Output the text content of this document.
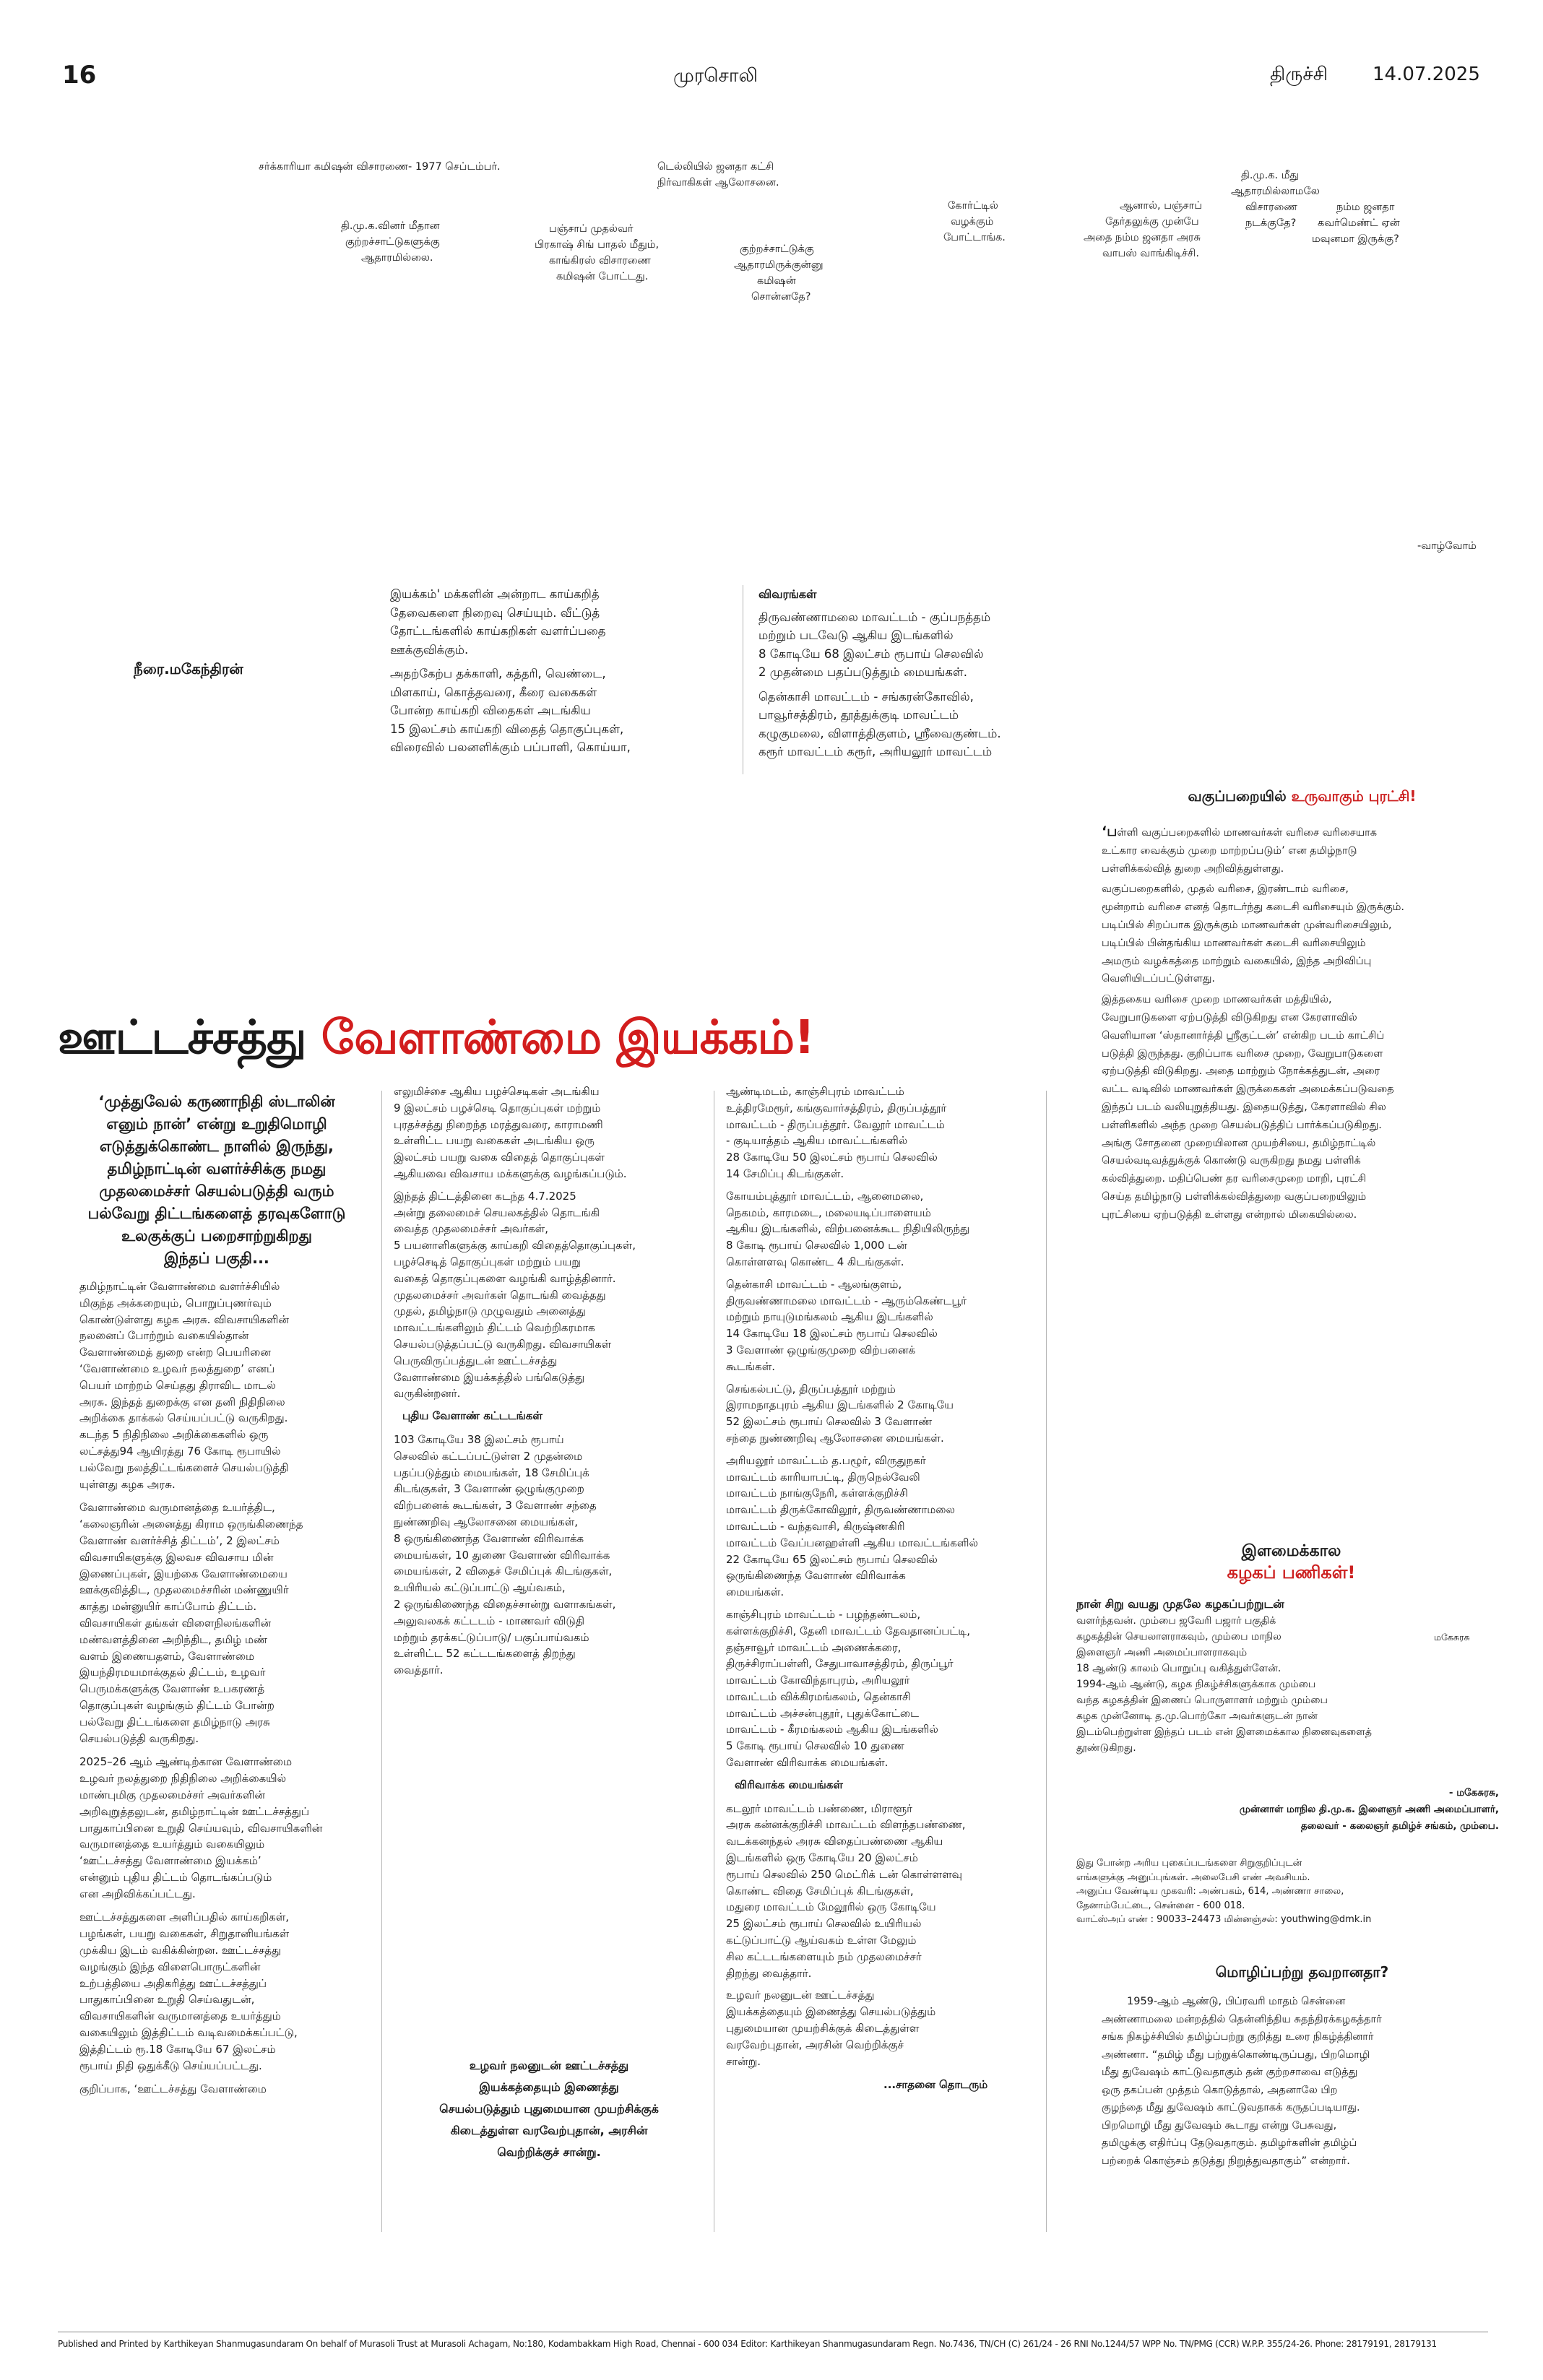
16	முரசொலி	திருச்சி 14.07.2025
சர்க்காரியா கமிஷன் விசாரணை- 1977 செப்டம்பர்.	டெல்லியில் ஜனதா கட்சி
நிர்வாகிகள் ஆலோசனை.
தி.மு.க. மீது
ஆதாரமில்லாமலே
விசாரணை
நடக்குதே?
நம்ம ஜனதா
கவர்மெண்ட் ஏன்
மவுனமா இருக்கு?
ஆனால், பஞ்சாப்
தேர்தலுக்கு முன்பே
அதை நம்ம ஜனதா அரசு
வாபஸ் வாங்கிடிச்சி.
கோர்ட்டில்
வழக்கும்
போட்டாங்க.
தி.மு.க.வினர் மீதான
குற்றச்சாட்டுகளுக்கு
ஆதாரமில்லை.
பஞ்சாப் முதல்வர்
பிரகாஷ் சிங் பாதல் மீதும்,
காங்கிரஸ் விசாரணை
கமிஷன் போட்டது.
குற்றச்சாட்டுக்கு
ஆதாரமிருக்குன்னு
கமிஷன்
சொன்னதே?
-வாழ்வோம்
நீரை.மகேந்திரன்
இயக்கம்' மக்களின் அன்றாட காய்கறித்
தேவைகளை நிறைவு செய்யும். வீட்டுத்
தோட்டங்களில் காய்கறிகள் வளர்ப்பதை
ஊக்குவிக்கும்.
அதற்கேற்ப தக்காளி, கத்தரி, வெண்டை,
மிளகாய், கொத்தவரை, கீரை வகைகள்
போன்ற காய்கறி விதைகள் அடங்கிய
15 இலட்சம் காய்கறி விதைத் தொகுப்புகள்,
விரைவில் பலனளிக்கும் பப்பாளி, கொய்யா,
விவரங்கள்
திருவண்ணாமலை மாவட்டம் - குப்பநத்தம்
மற்றும் படவேடு ஆகிய இடங்களில்
8 கோடியே 68 இலட்சம் ரூபாய் செலவில்
2 முதன்மை பதப்படுத்தும் மையங்கள்.
தென்காசி மாவட்டம் - சங்கரன்கோவில்,
பாவூர்சத்திரம், தூத்துக்குடி மாவட்டம்
கழுகுமலை, விளாத்திகுளம், ஸ்ரீவைகுண்டம்.
கரூர் மாவட்டம் கரூர், அரியலூர் மாவட்டம்
வகுப்பறையில் உருவாகும் புரட்சி!
‘பள்ளி வகுப்பறைகளில் மாணவர்கள் வரிசை வரிசையாக
உட்கார வைக்கும் முறை மாற்றப்படும்’ என தமிழ்நாடு
பள்ளிக்கல்வித் துறை அறிவித்துள்ளது.
வகுப்பறைகளில், முதல் வரிசை, இரண்டாம் வரிசை,
மூன்றாம் வரிசை எனத் தொடர்ந்து கடைசி வரிசையும் இருக்கும்.
படிப்பில் சிறப்பாக இருக்கும் மாணவர்கள் முன்வரிசையிலும்,
படிப்பில் பின்தங்கிய மாணவர்கள் கடைசி வரிசையிலும்
அமரும் வழக்கத்தை மாற்றும் வகையில், இந்த அறிவிப்பு
வெளியிடப்பட்டுள்ளது.
இத்தகைய வரிசை முறை மாணவர்கள் மத்தியில்,
வேறுபாடுகளை ஏற்படுத்தி விடுகிறது என கேரளாவில்
வெளியான ‘ஸ்தானார்த்தி ஸ்ரீகுட்டன்’ என்கிற படம் காட்சிப்
படுத்தி இருந்தது. குறிப்பாக வரிசை முறை, வேறுபாடுகளை
ஏற்படுத்தி விடுகிறது. அதை மாற்றும் நோக்கத்துடன், அரை
வட்ட வடிவில் மாணவர்கள் இருக்கைகள் அமைக்கப்படுவதை
இந்தப் படம் வலியுறுத்தியது. இதையடுத்து, கேரளாவில் சில
பள்ளிகளில் அந்த முறை செயல்படுத்திப் பார்க்கப்படுகிறது.
அங்கு சோதனை முறையிலான முயற்சியை, தமிழ்நாட்டில்
செயல்வடிவத்துக்குக் கொண்டு வருகிறது நமது பள்ளிக்
கல்வித்துறை. மதிப்பெண் தர வரிசைமுறை மாறி, புரட்சி
செய்த தமிழ்நாடு பள்ளிக்கல்வித்துறை வகுப்பறையிலும்
புரட்சியை ஏற்படுத்தி உள்ளது என்றால் மிகையில்லை.
ஊட்டச்சத்து வேளாண்மை இயக்கம்!
‘முத்துவேல் கருணாநிதி ஸ்டாலின்
எனும் நான்’ என்று உறுதிமொழி
எடுத்துக்கொண்ட நாளில் இருந்து,
தமிழ்நாட்டின் வளர்ச்சிக்கு நமது
முதலமைச்சர் செயல்படுத்தி வரும்
பல்வேறு திட்டங்களைத் தரவுகளோடு
உலகுக்குப் பறைசாற்றுகிறது
இந்தப் பகுதி...
தமிழ்நாட்டின் வேளாண்மை வளர்ச்சியில்
மிகுந்த அக்கறையும், பொறுப்புணர்வும்
கொண்டுள்ளது கழக அரசு. விவசாயிகளின்
நலனைப் போற்றும் வகையில்தான்
வேளாண்மைத் துறை என்ற பெயரினை
‘வேளாண்மை உழவர் நலத்துறை’ எனப்
பெயர் மாற்றம் செய்தது திராவிட மாடல்
அரசு. இந்தத் துறைக்கு என தனி நிதிநிலை
அறிக்கை தாக்கல் செய்யப்பட்டு வருகிறது.
கடந்த 5 நிதிநிலை அறிக்கைகளில் ஒரு
லட்சத்து94 ஆயிரத்து 76 கோடி ரூபாயில்
பல்வேறு நலத்திட்டங்களைச் செயல்படுத்தி
யுள்ளது கழக அரசு.
வேளாண்மை வருமானத்தை உயர்த்திட,
‘கலைஞரின் அனைத்து கிராம ஒருங்கிணைந்த
வேளாண் வளர்ச்சித் திட்டம்’, 2 இலட்சம்
விவசாயிகளுக்கு இலவச விவசாய மின்
இணைப்புகள், இயற்கை வேளாண்மையை
ஊக்குவித்திட, முதலமைச்சரின் மண்ணுயிர்
காத்து மன்னுயிர் காப்போம் திட்டம்.
விவசாயிகள் தங்கள் விளைநிலங்களின்
மண்வளத்தினை அறிந்திட, தமிழ் மண்
வளம் இணையதளம், வேளாண்மை
இயந்திரமயமாக்குதல் திட்டம், உழவர்
பெருமக்களுக்கு வேளாண் உபகரணத்
தொகுப்புகள் வழங்கும் திட்டம் போன்ற
பல்வேறு திட்டங்களை தமிழ்நாடு அரசு
செயல்படுத்தி வருகிறது.
2025–26 ஆம் ஆண்டிற்கான வேளாண்மை
உழவர் நலத்துறை நிதிநிலை அறிக்கையில்
மாண்புமிகு முதலமைச்சர் அவர்களின்
அறிவுறுத்தலுடன், தமிழ்நாட்டின் ஊட்டச்சத்துப்
பாதுகாப்பினை உறுதி செய்யவும், விவசாயிகளின்
வருமானத்தை உயர்த்தும் வகையிலும்
‘ஊட்டச்சத்து வேளாண்மை இயக்கம்’
என்னும் புதிய திட்டம் தொடங்கப்படும்
என அறிவிக்கப்பட்டது.
ஊட்டச்சத்துகளை அளிப்பதில் காய்கறிகள்,
பழங்கள், பயறு வகைகள், சிறுதானியங்கள்
முக்கிய இடம் வகிக்கின்றன. ஊட்டச்சத்து
வழங்கும் இந்த விளைபொருட்களின்
உற்பத்தியை அதிகரித்து ஊட்டச்சத்துப்
பாதுகாப்பினை உறுதி செய்வதுடன்,
விவசாயிகளின் வருமானத்தை உயர்த்தும்
வகையிலும் இத்திட்டம் வடிவமைக்கப்பட்டு,
இத்திட்டம் ரூ.18 கோடியே 67 இலட்சம்
ரூபாய் நிதி ஒதுக்கீடு செய்யப்பட்டது.
குறிப்பாக, ‘ஊட்டச்சத்து வேளாண்மை
எலுமிச்சை ஆகிய பழச்செடிகள் அடங்கிய
9 இலட்சம் பழச்செடி தொகுப்புகள் மற்றும்
புரதச்சத்து நிறைந்த மரத்துவரை, காராமணி
உள்ளிட்ட பயறு வகைகள் அடங்கிய ஒரு
இலட்சம் பயறு வகை விதைத் தொகுப்புகள்
ஆகியவை விவசாய மக்களுக்கு வழங்கப்படும்.
இந்தத் திட்டத்தினை கடந்த 4.7.2025
அன்று தலைமைச் செயலகத்தில் தொடங்கி
வைத்த முதலமைச்சர் அவர்கள்,
5 பயனாளிகளுக்கு காய்கறி விதைத்தொகுப்புகள்,
பழச்செடித் தொகுப்புகள் மற்றும் பயறு
வகைத் தொகுப்புகளை வழங்கி வாழ்த்தினார்.
முதலமைச்சர் அவர்கள் தொடங்கி வைத்தது
முதல், தமிழ்நாடு முழுவதும் அனைத்து
மாவட்டங்களிலும் திட்டம் வெற்றிகரமாக
செயல்படுத்தப்பட்டு வருகிறது. விவசாயிகள்
பெருவிருப்பத்துடன் ஊட்டச்சத்து
வேளாண்மை இயக்கத்தில் பங்கெடுத்து
வருகின்றனர்.
புதிய வேளாண் கட்டடங்கள்
103 கோடியே 38 இலட்சம் ரூபாய்
செலவில் கட்டப்பட்டுள்ள 2 முதன்மை
பதப்படுத்தும் மையங்கள், 18 சேமிப்புக்
கிடங்குகள், 3 வேளாண் ஒழுங்குமுறை
விற்பனைக் கூடங்கள், 3 வேளாண் சந்தை
நுண்ணறிவு ஆலோசனை மையங்கள்,
8 ஒருங்கிணைந்த வேளாண் விரிவாக்க
மையங்கள், 10 துணை வேளாண் விரிவாக்க
மையங்கள், 2 விதைச் சேமிப்புக் கிடங்குகள்,
உயிரியல் கட்டுப்பாட்டு ஆய்வகம்,
2 ஒருங்கிணைந்த விதைச்சான்று வளாகங்கள்,
அலுவலகக் கட்டடம் - மாணவர் விடுதி
மற்றும் தரக்கட்டுப்பாடு/ பகுப்பாய்வகம்
உள்ளிட்ட 52 கட்டடங்களைத் திறந்து
வைத்தார்.
உழவர் நலனுடன் ஊட்டச்சத்து
இயக்கத்தையும் இணைத்து
செயல்படுத்தும் புதுமையான முயற்சிக்குக்
கிடைத்துள்ள வரவேற்புதான், அரசின்
வெற்றிக்குச் சான்று.
ஆண்டிமடம், காஞ்சிபுரம் மாவட்டம்
உத்திரமேரூர், கங்குவார்சத்திரம், திருப்பத்தூர்
மாவட்டம் - திருப்பத்தூர். வேலூர் மாவட்டம்
- குடியாத்தம் ஆகிய மாவட்டங்களில்
28 கோடியே 50 இலட்சம் ரூபாய் செலவில்
14 சேமிப்பு கிடங்குகள்.
கோயம்புத்தூர் மாவட்டம், ஆனைமலை,
நெகமம், காரமடை, மலையடிப்பாளையம்
ஆகிய இடங்களில், விற்பனைக்கூட நிதியிலிருந்து
8 கோடி ரூபாய் செலவில் 1,000 டன்
கொள்ளளவு கொண்ட 4 கிடங்குகள்.
தென்காசி மாவட்டம் - ஆலங்குளம்,
திருவண்ணாமலை மாவட்டம் - ஆரும்கெண்டபூர்
மற்றும் நாயுடுமங்கலம் ஆகிய இடங்களில்
14 கோடியே 18 இலட்சம் ரூபாய் செலவில்
3 வேளாண் ஒழுங்குமுறை விற்பனைக்
கூடங்கள்.
செங்கல்பட்டு, திருப்பத்தூர் மற்றும்
இராமநாதபுரம் ஆகிய இடங்களில் 2 கோடியே
52 இலட்சம் ரூபாய் செலவில் 3 வேளாண்
சந்தை நுண்ணறிவு ஆலோசனை மையங்கள்.
அரியலூர் மாவட்டம் த.பழூர், விருதுநகர்
மாவட்டம் காரியாபட்டி, திருநெல்வேலி
மாவட்டம் நாங்குநேரி, கள்ளக்குறிச்சி
மாவட்டம் திருக்கோவிலூர், திருவண்ணாமலை
மாவட்டம் - வந்தவாசி, கிருஷ்ணகிரி
மாவட்டம் வேப்பனஹள்ளி ஆகிய மாவட்டங்களில்
22 கோடியே 65 இலட்சம் ரூபாய் செலவில்
ஒருங்கிணைந்த வேளாண் விரிவாக்க
மையங்கள்.
காஞ்சிபுரம் மாவட்டம் - பழந்தண்டலம்,
கள்ளக்குறிச்சி, தேனி மாவட்டம் தேவதானப்பட்டி,
தஞ்சாவூர் மாவட்டம் அணைக்கரை,
திருச்சிராப்பள்ளி, சேதுபாவாசத்திரம், திருப்பூர்
மாவட்டம் கோவிந்தாபுரம், அரியலூர்
மாவட்டம் விக்கிரமங்கலம், தென்காசி
மாவட்டம் அச்சன்புதூர், புதுக்கோட்டை
மாவட்டம் - கீரமங்கலம் ஆகிய இடங்களில்
5 கோடி ரூபாய் செலவில் 10 துணை
வேளாண் விரிவாக்க மையங்கள்.
விரிவாக்க மையங்கள்
கடலூர் மாவட்டம் பண்ணை, மிராளூர்
அரசு கன்னக்குறிச்சி மாவட்டம் விளந்தபண்ணை,
வடக்கனந்தல் அரசு விதைப்பண்ணை ஆகிய
இடங்களில் ஒரு கோடியே 20 இலட்சம்
ரூபாய் செலவில் 250 மெட்ரிக் டன் கொள்ளளவு
கொண்ட விதை சேமிப்புக் கிடங்குகள்,
மதுரை மாவட்டம் மேலூரில் ஒரு கோடியே
25 இலட்சம் ரூபாய் செலவில் உயிரியல்
கட்டுப்பாட்டு ஆய்வகம் உள்ள மேலும்
சில கட்டடங்களையும் நம் முதலமைச்சர்
திறந்து வைத்தார்.
உழவர் நலனுடன் ஊட்டச்சத்து
இயக்கத்தையும் இணைத்து செயல்படுத்தும்
புதுமையான முயற்சிக்குக் கிடைத்துள்ள
வரவேற்புதான், அரசின் வெற்றிக்குச்
சான்று.
...சாதனை தொடரும்
இளமைக்கால
கழகப் பணிகள்!
நான் சிறு வயது முதலே கழகப்பற்றுடன்
வளர்ந்தவன். மும்பை ஜவேரி பஜார் பகுதிக்
கழகத்தின் செயலாளராகவும், மும்பை மாநில
இளைஞர் அணி அமைப்பாளராகவும்
18 ஆண்டு காலம் பொறுப்பு வகித்துள்ளேன்.
1994-ஆம் ஆண்டு, கழக நிகழ்ச்சிகளுக்காக மும்பை
வந்த கழகத்தின் இணைப் பொருளாளர் மற்றும் மும்பை
கழக முன்னோடி த.மு.பொற்கோ அவர்களுடன் நான்
இடம்பெற்றுள்ள இந்தப் படம் என் இளமைக்கால நினைவுகளைத்
தூண்டுகிறது.
மகேசுரசு
- மகேசுரசு,
முன்னாள் மாநில தி.மு.க. இளைஞர் அணி அமைப்பாளர்,
தலைவர் - கலைஞர் தமிழ்ச் சங்கம், மும்பை.
இது போன்ற அரிய புகைப்படங்களை சிறுகுறிப்புடன்
எங்களுக்கு அனுப்புங்கள். அலைபேசி எண் அவசியம்.
அனுப்ப வேண்டிய முகவரி: அண்பகம், 614, அண்ணா சாலை,
தேனாம்பேட்டை, சென்னை - 600 018.
வாட்ஸ்அப் எண் : 90033–24473 மின்னஞ்சல்: youthwing@dmk.in
மொழிப்பற்று தவறானதா?
1959-ஆம் ஆண்டு, பிப்ரவரி மாதம் சென்னை
அண்ணாமலை மன்றத்தில் தென்னிந்திய சுதந்திரக்கழகத்தார்
சங்க நிகழ்ச்சியில் தமிழ்ப்பற்று குறித்து உரை நிகழ்த்தினார்
அண்ணா. “தமிழ் மீது பற்றுக்கொண்டிருப்பது, பிறமொழி
மீது துவேஷம் காட்டுவதாகும் தன் குற்றசாவை எடுத்து
ஒரு தகப்பன் முத்தம் கொடுத்தால், அதனாலே பிற
குழந்தை மீது துவேஷம் காட்டுவதாகக் கருதப்படியாது.
பிறமொழி மீது துவேஷம் கூடாது என்று பேசுவது,
தமிழுக்கு எதிர்ப்பு தேடுவதாகும். தமிழர்களின் தமிழ்ப்
பற்றைக் கொஞ்சம் தடுத்து நிறுத்துவதாகும்” என்றார்.
Published and Printed by Karthikeyan Shanmugasundaram On behalf of Murasoli Trust at Murasoli Achagam, No:180, Kodambakkam High Road, Chennai - 600 034 Editor: Karthikeyan Shanmugasundaram Regn. No.7436, TN/CH (C) 261/24 - 26 RNI No.1244/57 WPP No. TN/PMG (CCR) W.P.P. 355/24-26. Phone: 28179191, 28179131
